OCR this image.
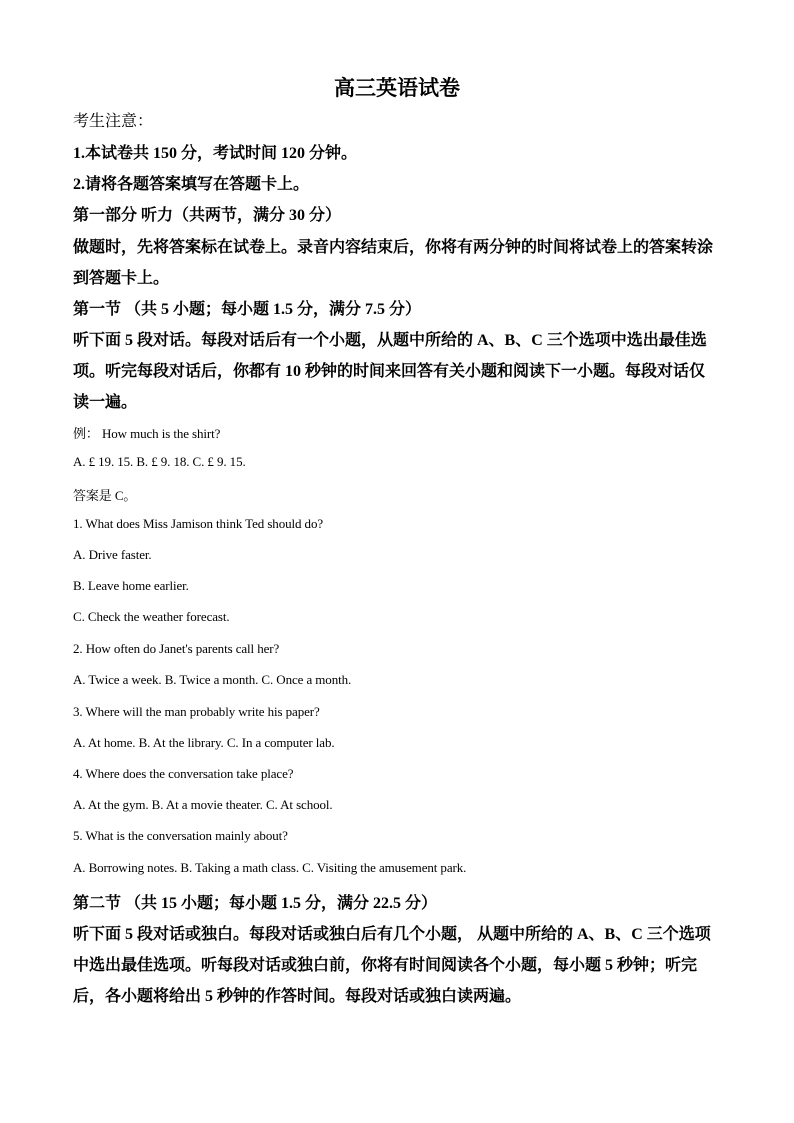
高三英语试卷

考生注意：

1.本试卷共 150 分，考试时间 120 分钟。

2.请将各题答案填写在答题卡上。

第一部分 听力（共两节，满分 30 分）

做题时，先将答案标在试卷上。录音内容结束后，你将有两分钟的时间将试卷上的答案转涂

到答题卡上。

第一节 （共 5 小题；每小题 1.5 分，满分 7.5 分）

听下面 5 段对话。每段对话后有一个小题，从题中所给的 A、B、C 三个选项中选出最佳选

项。听完每段对话后，你都有 10 秒钟的时间来回答有关小题和阅读下一小题。每段对话仅

读一遍。

例： How much is the shirt?

A. £ 19. 15. B. £ 9. 18. C. £ 9. 15.

答案是 C。

1. What does Miss Jamison think Ted should do?

A. Drive faster.

B. Leave home earlier.

C. Check the weather forecast.

2. How often do Janet's parents call her?

A. Twice a week. B. Twice a month. C. Once a month.

3. Where will the man probably write his paper?

A. At home. B. At the library. C. In a computer lab.

4. Where does the conversation take place?

A. At the gym. B. At a movie theater. C. At school.

5. What is the conversation mainly about?

A. Borrowing notes. B. Taking a math class. C. Visiting the amusement park.

第二节 （共 15 小题；每小题 1.5 分，满分 22.5 分）

听下面 5 段对话或独白。每段对话或独白后有几个小题， 从题中所给的 A、B、C 三个选项

中选出最佳选项。听每段对话或独白前，你将有时间阅读各个小题，每小题 5 秒钟；听完

后，各小题将给出 5 秒钟的作答时间。每段对话或独白读两遍。
